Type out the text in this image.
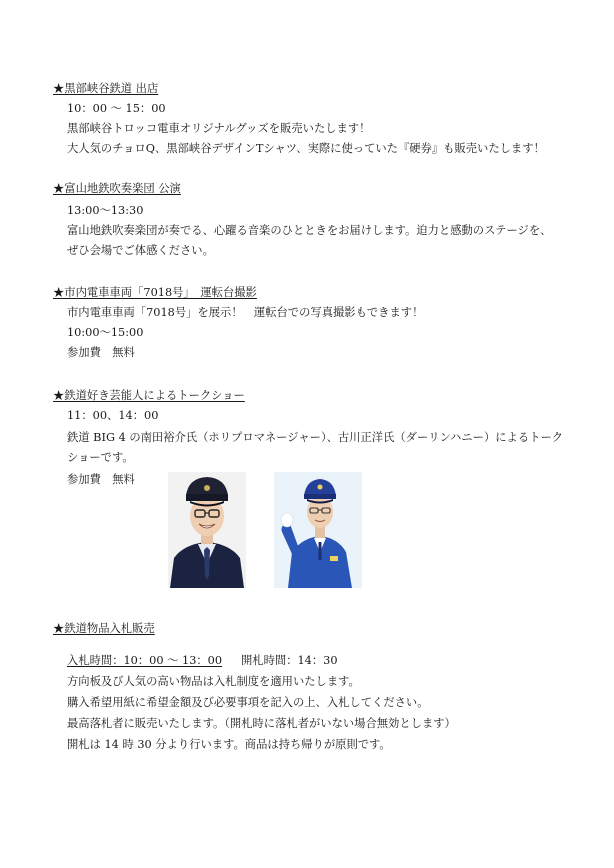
★黒部峡谷鉄道 出店
10：00 〜 15：00
黒部峡谷トロッコ電車オリジナルグッズを販売いたします！
大人気のチョロQ、黒部峡谷デザインTシャツ、実際に使っていた『硬券』も販売いたします！
★富山地鉄吹奏楽団 公演
13:00〜13:30
富山地鉄吹奏楽団が奏でる、心躍る音楽のひとときをお届けします。迫力と感動のステージを、
ぜひ会場でご体感ください。
★市内電車車両「7018号」　運転台撮影
市内電車車両「7018号」を展示！　運転台での写真撮影もできます！
10:00〜15:00
参加費　無料
★鉄道好き芸能人によるトークショー
11：00、14：00
鉄道 BIG 4 の南田裕介氏（ホリプロマネージャー）、古川正洋氏（ダーリンハニー）によるトーク
ショーです。
参加費　無料
★鉄道物品入札販売
入札時間：10：00 〜 13：00 開札時間：14：30
方向板及び人気の高い物品は入札制度を適用いたします。
購入希望用紙に希望金額及び必要事項を記入の上、入札してください。
最高落札者に販売いたします。（開札時に落札者がいない場合無効とします）
開札は 14 時 30 分より行います。商品は持ち帰りが原則です。
